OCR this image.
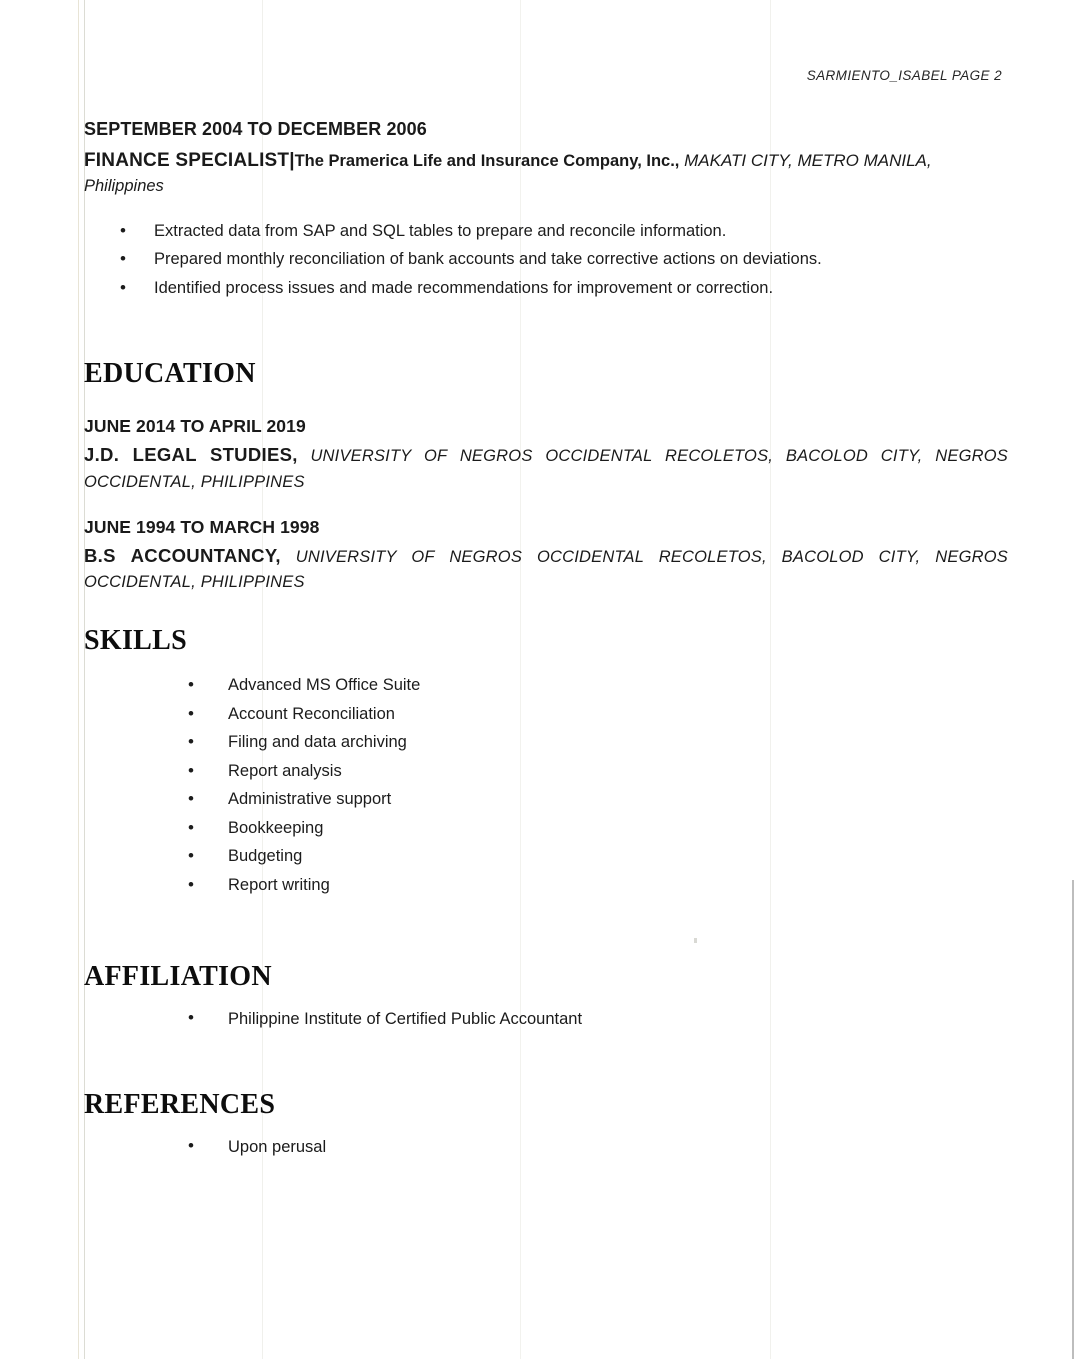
SARMIENTO_ISABEL PAGE 2

SEPTEMBER 2004 TO DECEMBER 2006

FINANCE SPECIALIST|The Pramerica Life and Insurance Company, Inc., MAKATI CITY, METRO MANILA,
Philippines

• Extracted data from SAP and SQL tables to prepare and reconcile information.
• Prepared monthly reconciliation of bank accounts and take corrective actions on deviations.
• Identified process issues and made recommendations for improvement or correction.
EDUCATION

JUNE 2014 TO APRIL 2019

J.D. LEGAL STUDIES, UNIVERSITY OF NEGROS OCCIDENTAL RECOLETOS, BACOLOD CITY, NEGROS OCCIDENTAL, PHILIPPINES

JUNE 1994 TO MARCH 1998

B.S ACCOUNTANCY, UNIVERSITY OF NEGROS OCCIDENTAL RECOLETOS, BACOLOD CITY, NEGROS OCCIDENTAL, PHILIPPINES

SKILLS
• Advanced MS Office Suite
• Account Reconciliation
• Filing and data archiving
• Report analysis
• Administrative support
• Bookkeeping
• Budgeting
• Report writing
AFFILIATION
• Philippine Institute of Certified Public Accountant
REFERENCES
• Upon perusal
